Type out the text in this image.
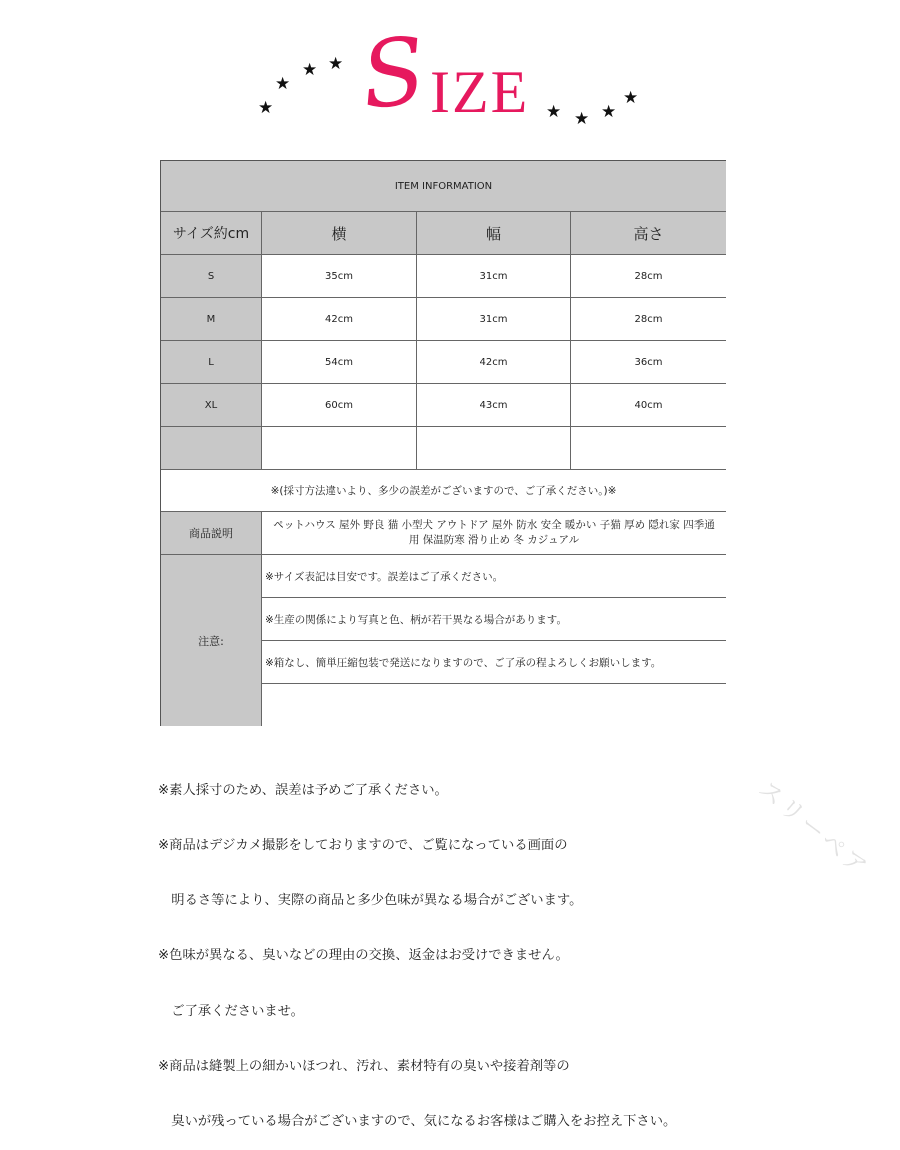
★
★
★ ★
★ ★ ★
★
S IZE
ITEM INFORMATION
サイズ約cm	横	幅	高さ
S	35cm	31cm	28cm
M	42cm	31cm	28cm
L	54cm	42cm	36cm
XL	60cm	43cm	40cm
※(採寸方法違いより、多少の誤差がございますので、ご了承ください。)※
商品説明
ペットハウス 屋外 野良 猫 小型犬 アウトドア 屋外 防水 安全 暖かい 子猫 厚め 隠れ家 四季通用 保温防寒 滑り止め 冬 カジュアル
注意:
※サイズ表記は目安です。誤差はご了承ください。
※生産の関係により写真と色、柄が若干異なる場合があります。
※箱なし、簡単圧縮包装で発送になりますので、ご了承の程よろしくお願いします。

※素人採寸のため、誤差は予めご了承ください。

※商品はデジカメ撮影をしておりますので、ご覧になっている画面の

　明るさ等により、実際の商品と多少色味が異なる場合がございます。

※色味が異なる、臭いなどの理由の交換、返金はお受けできません。

　ご了承くださいませ。

※商品は縫製上の細かいほつれ、汚れ、素材特有の臭いや接着剤等の

　臭いが残っている場合がございますので、気になるお客様はご購入をお控え下さい。

スリーペア
